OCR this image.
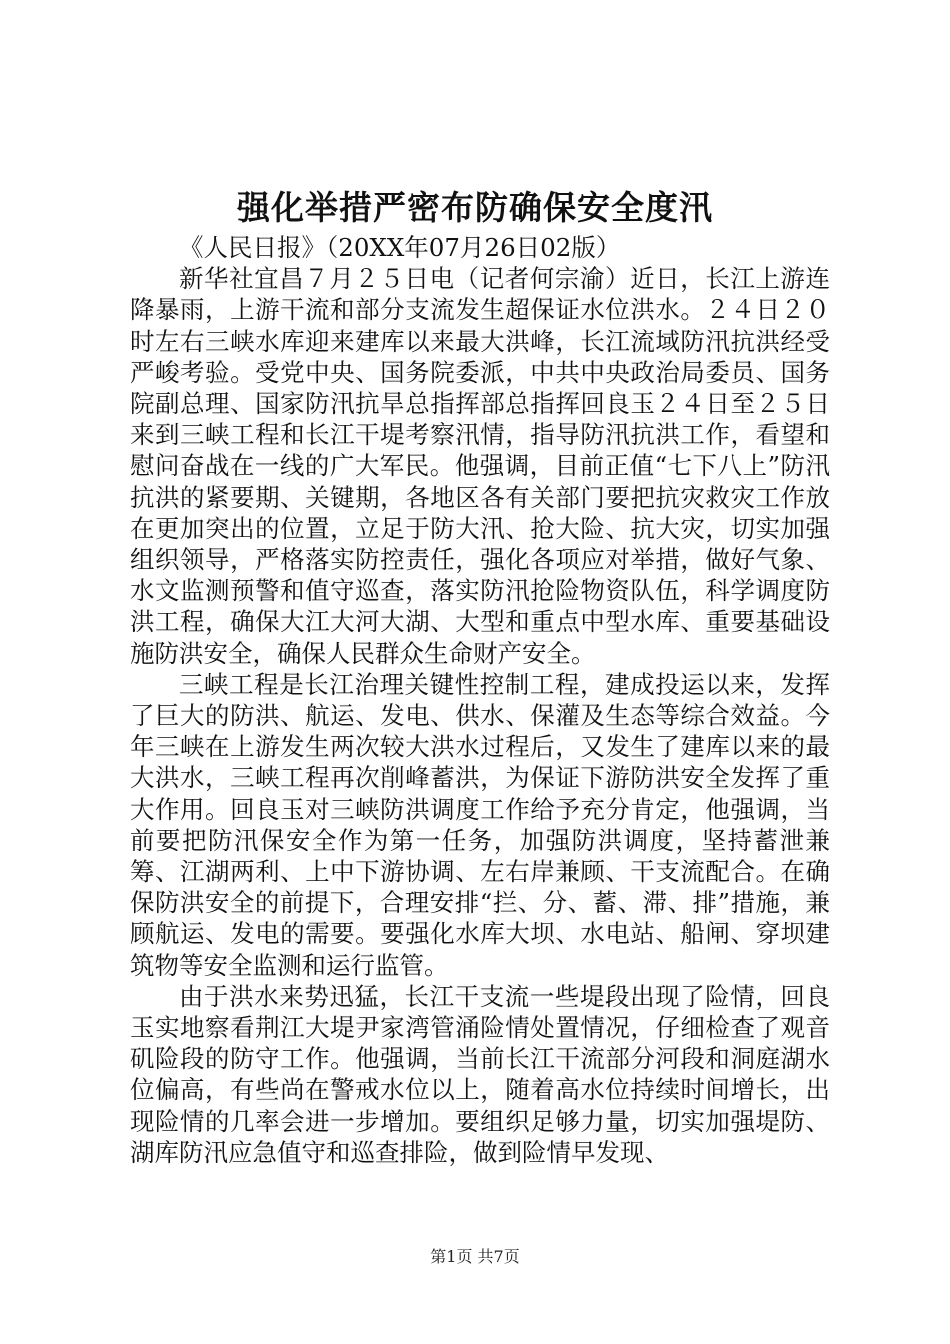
强化举措严密布防确保安全度汛

《人民日报》（20XX年07月26日02版）

新华社宜昌７月２５日电（记者何宗渝）近日，长江上游连降暴雨，上游干流和部分支流发生超保证水位洪水。２４日２０时左右三峡水库迎来建库以来最大洪峰，长江流域防汛抗洪经受严峻考验。受党中央、国务院委派，中共中央政治局委员、国务院副总理、国家防汛抗旱总指挥部总指挥回良玉２４日至２５日来到三峡工程和长江干堤考察汛情，指导防汛抗洪工作，看望和慰问奋战在一线的广大军民。他强调，目前正值“七下八上”防汛抗洪的紧要期、关键期，各地区各有关部门要把抗灾救灾工作放在更加突出的位置，立足于防大汛、抢大险、抗大灾，切实加强组织领导，严格落实防控责任，强化各项应对举措，做好气象、水文监测预警和值守巡查，落实防汛抢险物资队伍，科学调度防洪工程，确保大江大河大湖、大型和重点中型水库、重要基础设施防洪安全，确保人民群众生命财产安全。

三峡工程是长江治理关键性控制工程，建成投运以来，发挥了巨大的防洪、航运、发电、供水、保灌及生态等综合效益。今年三峡在上游发生两次较大洪水过程后，又发生了建库以来的最大洪水，三峡工程再次削峰蓄洪，为保证下游防洪安全发挥了重大作用。回良玉对三峡防洪调度工作给予充分肯定，他强调，当前要把防汛保安全作为第一任务，加强防洪调度，坚持蓄泄兼筹、江湖两利、上中下游协调、左右岸兼顾、干支流配合。在确保防洪安全的前提下，合理安排“拦、分、蓄、滞、排”措施，兼顾航运、发电的需要。要强化水库大坝、水电站、船闸、穿坝建筑物等安全监测和运行监管。

由于洪水来势迅猛，长江干支流一些堤段出现了险情，回良玉实地察看荆江大堤尹家湾管涌险情处置情况，仔细检查了观音矶险段的防守工作。他强调，当前长江干流部分河段和洞庭湖水位偏高，有些尚在警戒水位以上，随着高水位持续时间增长，出现险情的几率会进一步增加。要组织足够力量，切实加强堤防、湖库防汛应急值守和巡查排险，做到险情早发现、

第1页 共7页
